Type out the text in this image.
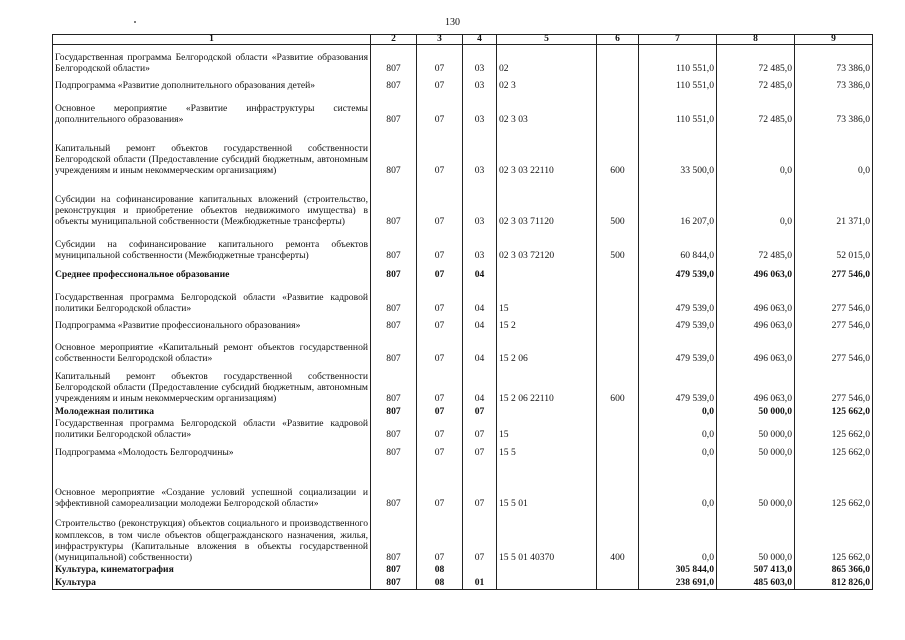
130
1	2	3	4	5	6	7	8	9
Государственная программа Белгородской области «Развитие образования Белгородской области»	807	07	03	02		110 551,0	72 485,0	73 386,0
Подпрограмма «Развитие дополнительного образования детей»	807	07	03	02 3		110 551,0	72 485,0	73 386,0
Основное мероприятие «Развитие инфраструктуры системы дополнительного образования»	807	07	03	02 3 03		110 551,0	72 485,0	73 386,0
Капитальный ремонт объектов государственной собственности Белгородской области (Предоставление субсидий бюджетным, автономным учреждениям и иным некоммерческим организациям)	807	07	03	02 3 03 22110	600	33 500,0	0,0	0,0
Субсидии на софинансирование капитальных вложений (строительство, реконструкция и приобретение объектов недвижимого имущества) в объекты муниципальной собственности (Межбюджетные трансферты)	807	07	03	02 3 03 71120	500	16 207,0	0,0	21 371,0
Субсидии на софинансирование капитального ремонта объектов муниципальной собственности (Межбюджетные трансферты)	807	07	03	02 3 03 72120	500	60 844,0	72 485,0	52 015,0
Среднее профессиональное образование	807	07	04			479 539,0	496 063,0	277 546,0
Государственная программа Белгородской области «Развитие кадровой политики Белгородской области»	807	07	04	15		479 539,0	496 063,0	277 546,0
Подпрограмма «Развитие профессионального образования»	807	07	04	15 2		479 539,0	496 063,0	277 546,0
Основное мероприятие «Капитальный ремонт объектов государственной собственности Белгородской области»	807	07	04	15 2 06		479 539,0	496 063,0	277 546,0
Капитальный ремонт объектов государственной собственности Белгородской области (Предоставление субсидий бюджетным, автономным учреждениям и иным некоммерческим организациям)	807	07	04	15 2 06 22110	600	479 539,0	496 063,0	277 546,0
Молодежная политика	807	07	07			0,0	50 000,0	125 662,0
Государственная программа Белгородской области «Развитие кадровой политики Белгородской области»	807	07	07	15		0,0	50 000,0	125 662,0
Подпрограмма «Молодость Белгородчины»	807	07	07	15 5		0,0	50 000,0	125 662,0
Основное мероприятие «Создание условий успешной социализации и эффективной самореализации молодежи Белгородской области»	807	07	07	15 5 01		0,0	50 000,0	125 662,0
Строительство (реконструкция) объектов социального и производственного комплексов, в том числе объектов общегражданского назначения, жилья, инфраструктуры (Капитальные вложения в объекты государственной (муниципальной) собственности)	807	07	07	15 5 01 40370	400	0,0	50 000,0	125 662,0
Культура, кинематография	807	08				305 844,0	507 413,0	865 366,0
Культура	807	08	01			238 691,0	485 603,0	812 826,0
